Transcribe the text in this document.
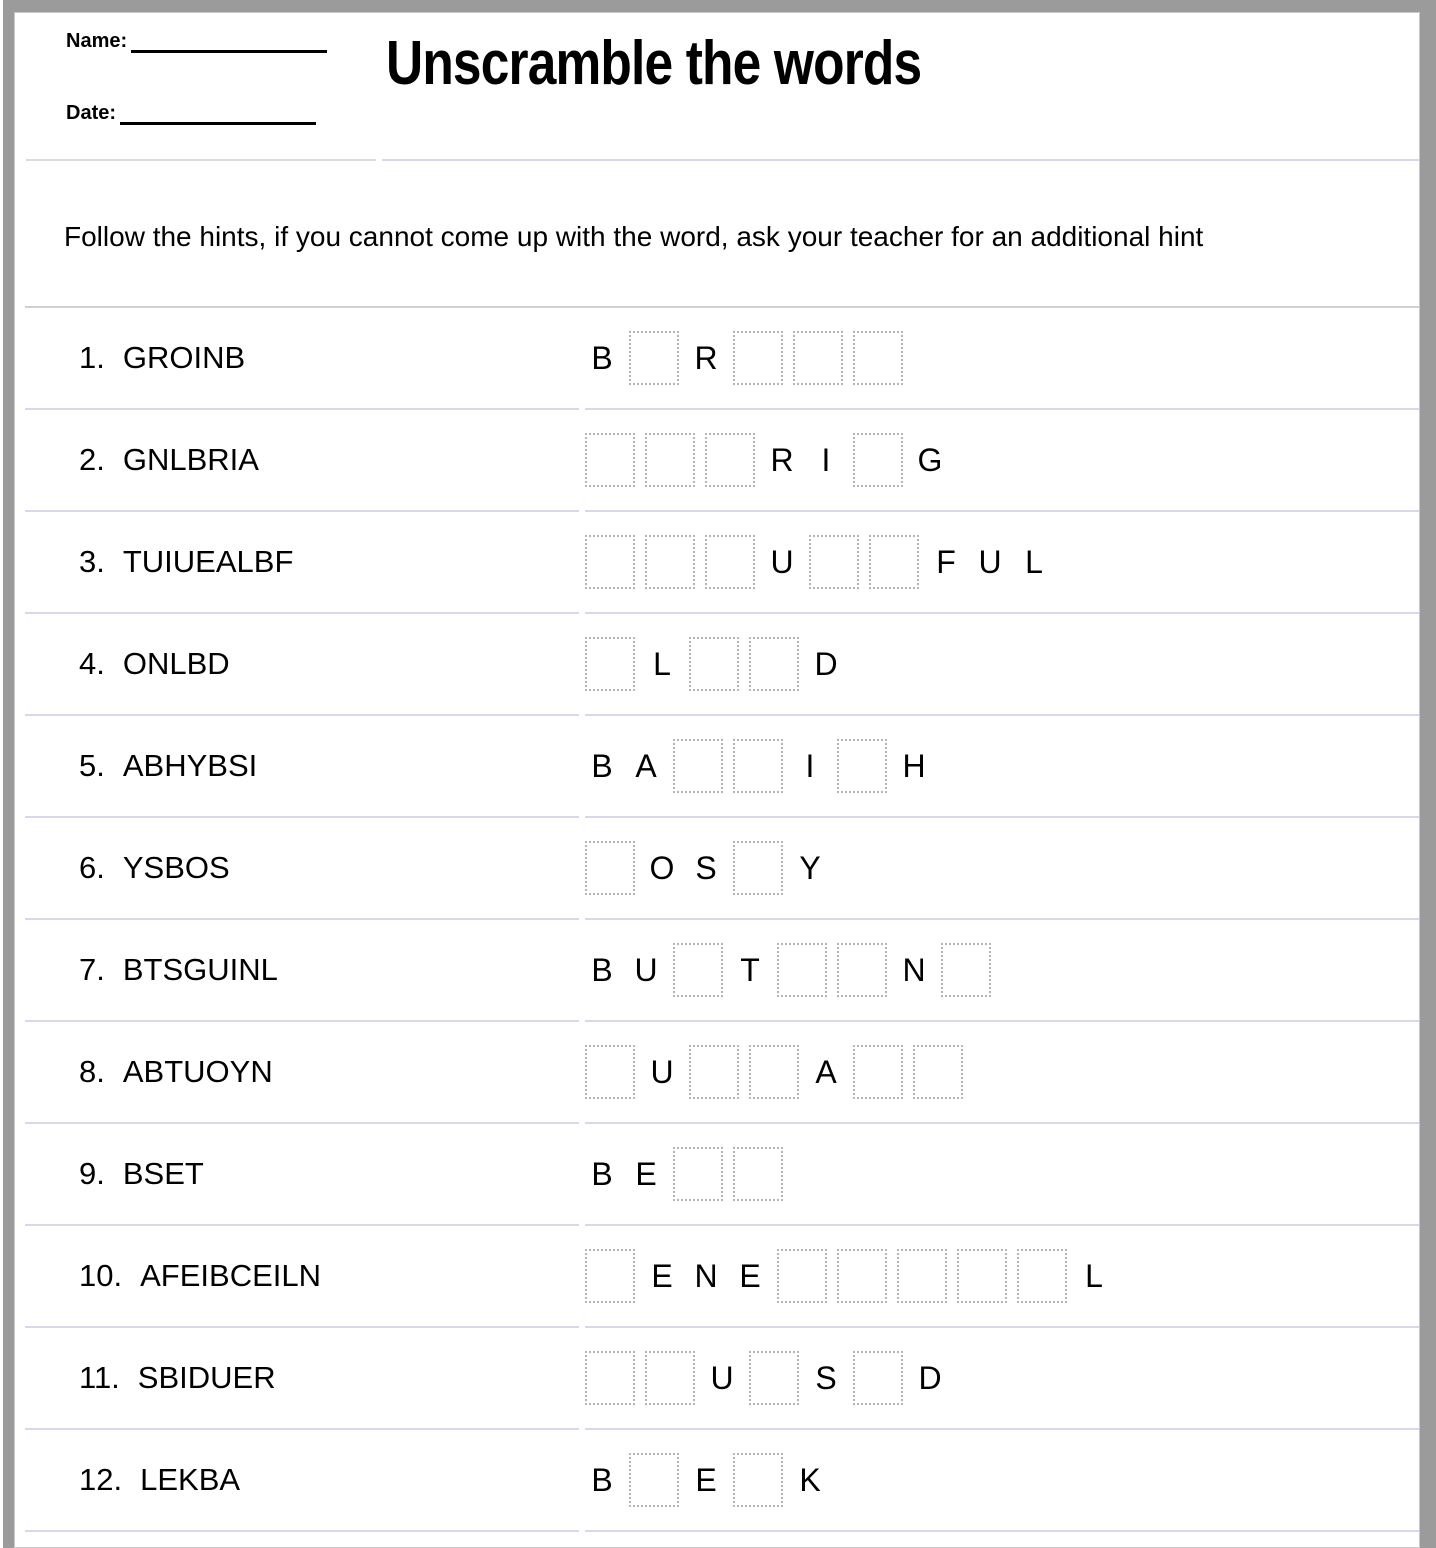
Name:
Date:
Unscramble the words
Follow the hints, if you cannot come up with the word, ask your teacher for an additional hint
1. GROINB	B	R
2. GNLBRIA	R I	G
3. TUIUEALBF	U	F U L
4. ONLBD	L	D
5. ABHYBSI	B A	I	H
6. YSBOS	O S	Y
7. BTSGUINL	B U	T	N
8. ABTUOYN	U	A
9. BSET	B E
10. AFEIBCEILN	E N E	L
11. SBIDUER	U	S	D
12. LEKBA	B	E	K
